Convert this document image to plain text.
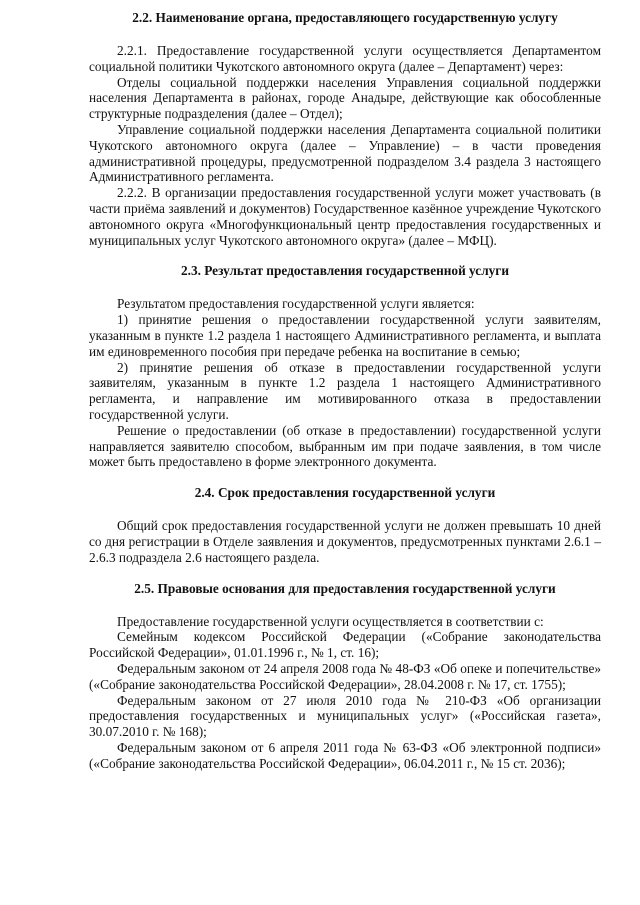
2.2. Наименование органа, предоставляющего государственную услугу

2.2.1. Предоставление государственной услуги осуществляется Департаментом социальной политики Чукотского автономного округа (далее – Департамент) через:

Отделы социальной поддержки населения Управления социальной поддержки населения Департамента в районах, городе Анадыре, действующие как обособленные структурные подразделения (далее – Отдел);

Управление социальной поддержки населения Департамента социальной политики Чукотского автономного округа (далее – Управление) – в части проведения административной процедуры, предусмотренной подразделом 3.4 раздела 3 настоящего Административного регламента.

2.2.2. В организации предоставления государственной услуги может участвовать (в части приёма заявлений и документов) Государственное казённое учреждение Чукотского автономного округа «Многофункциональный центр предоставления государственных и муниципальных услуг Чукотского автономного округа» (далее – МФЦ).

2.3. Результат предоставления государственной услуги

Результатом предоставления государственной услуги является:

1) принятие решения о предоставлении государственной услуги заявителям, указанным в пункте 1.2 раздела 1 настоящего Административного регламента, и выплата им единовременного пособия при передаче ребенка на воспитание в семью;

2) принятие решения об отказе в предоставлении государственной услуги заявителям, указанным в пункте 1.2 раздела 1 настоящего Административного регламента, и направление им мотивированного отказа в предоставлении государственной услуги.

Решение о предоставлении (об отказе в предоставлении) государственной услуги направляется заявителю способом, выбранным им при подаче заявления, в том числе может быть предоставлено в форме электронного документа.

2.4. Срок предоставления государственной услуги

Общий срок предоставления государственной услуги не должен превышать 10 дней со дня регистрации в Отделе заявления и документов, предусмотренных пунктами 2.6.1 – 2.6.3 подраздела 2.6 настоящего раздела.

2.5. Правовые основания для предоставления государственной услуги

Предоставление государственной услуги осуществляется в соответствии с:

Семейным кодексом Российской Федерации («Собрание законодательства Российской Федерации», 01.01.1996 г., № 1, ст. 16);

Федеральным законом от 24 апреля 2008 года № 48-ФЗ «Об опеке и попечительстве» («Собрание законодательства Российской Федерации», 28.04.2008 г. № 17, ст. 1755);

Федеральным законом от 27 июля 2010 года № 210-ФЗ «Об организации предоставления государственных и муниципальных услуг» («Российская газета», 30.07.2010 г. № 168);

Федеральным законом от 6 апреля 2011 года № 63-ФЗ «Об электронной подписи» («Собрание законодательства Российской Федерации», 06.04.2011 г., № 15 ст. 2036);
